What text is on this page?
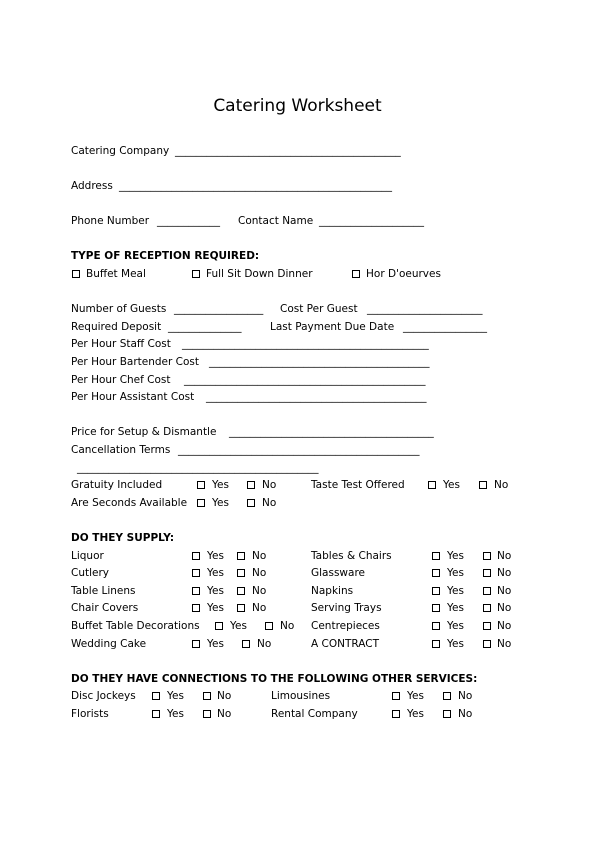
Catering Worksheet
Catering Company ___________________________________________
Address ____________________________________________________
Phone Number ____________ Contact Name ____________________
TYPE OF RECEPTION REQUIRED:
Buffet Meal	Full Sit Down Dinner	Hor D'oeurves
Number of Guests _________________ Cost Per Guest ______________________
Required Deposit ______________	Last Payment Due Date ________________
Per Hour Staff Cost _______________________________________________
Per Hour Bartender Cost __________________________________________
Per Hour Chef Cost ______________________________________________
Per Hour Assistant Cost __________________________________________
Price for Setup & Dismantle _______________________________________
Cancellation Terms ______________________________________________
______________________________________________
Gratuity Included	Yes	No	Taste Test Offered	Yes	No
Are Seconds Available Yes	No
DO THEY SUPPLY:
Liquor	Yes	No
Cutlery	Yes	No
Table Linens	Yes	No
Chair Covers	Yes	No
Buffet Table Decorations	Yes	No
Wedding Cake	Yes	No
Tables & Chairs	Yes	No
Glassware	Yes	No
Napkins	Yes	No
Serving Trays	Yes	No
Centrepieces	Yes	No
A CONTRACT	Yes	No
DO THEY HAVE CONNECTIONS TO THE FOLLOWING OTHER SERVICES:
Disc Jockeys	Yes	No
Florists	Yes	No
Limousines	Yes	No
Rental Company	Yes	No
